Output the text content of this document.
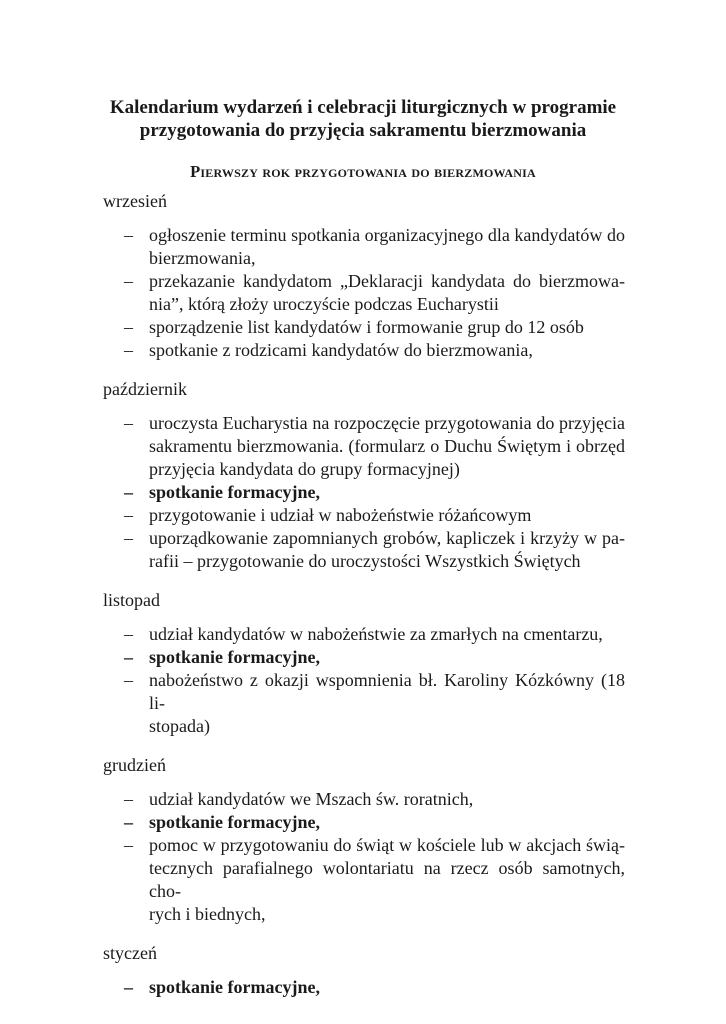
Kalendarium wydarzeń i celebracji liturgicznych w programie
przygotowania do przyjęcia sakramentu bierzmowania
Pierwszy rok przygotowania do bierzmowania

wrzesień

– ogłoszenie terminu spotkania organizacyjnego dla kandydatów do
bierzmowania,
– przekazanie kandydatom „Deklaracji kandydata do bierzmowa-
nia”, którą złoży uroczyście podczas Eucharystii
– sporządzenie list kandydatów i formowanie grup do 12 osób
– spotkanie z rodzicami kandydatów do bierzmowania,

październik

– uroczysta Eucharystia na rozpoczęcie przygotowania do przyjęcia
sakramentu bierzmowania. (formularz o Duchu Świętym i obrzęd
przyjęcia kandydata do grupy formacyjnej)
– spotkanie formacyjne,
– przygotowanie i udział w nabożeństwie różańcowym
– uporządkowanie zapomnianych grobów, kapliczek i krzyży w pa-
rafii – przygotowanie do uroczystości Wszystkich Świętych

listopad

– udział kandydatów w nabożeństwie za zmarłych na cmentarzu,
– spotkanie formacyjne,
– nabożeństwo z okazji wspomnienia bł. Karoliny Kózkówny (18 li-
stopada)

grudzień

– udział kandydatów we Mszach św. roratnich,
– spotkanie formacyjne,
– pomoc w przygotowaniu do świąt w kościele lub w akcjach świą-
tecznych parafialnego wolontariatu na rzecz osób samotnych, cho-
rych i biednych,

styczeń

– spotkanie formacyjne,
